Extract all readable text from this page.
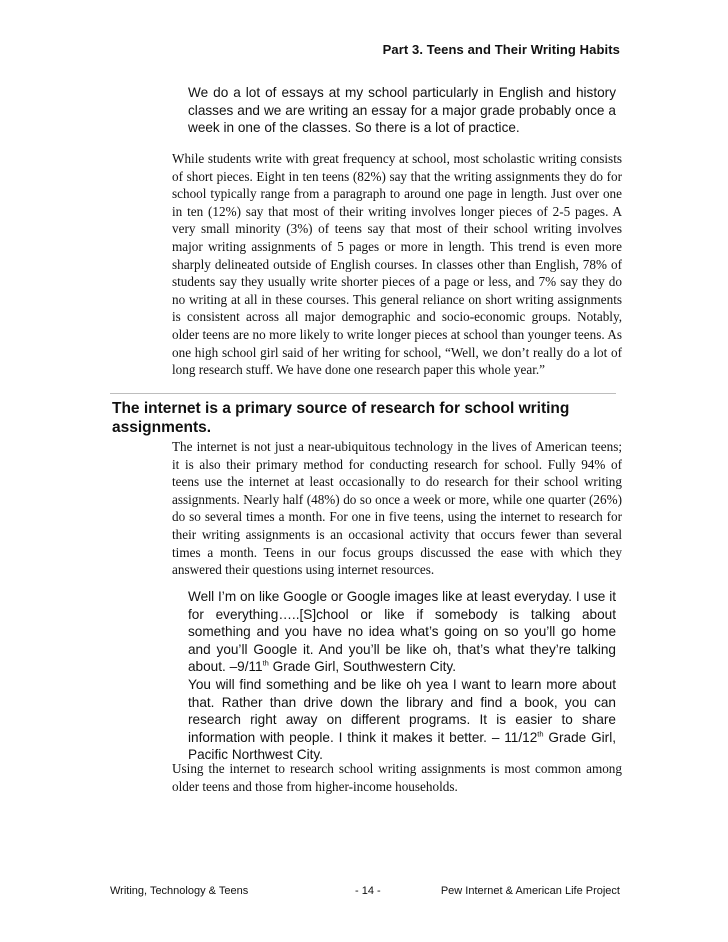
Part 3. Teens and Their Writing Habits

We do a lot of essays at my school particularly in English and history classes and we are writing an essay for a major grade probably once a week in one of the classes. So there is a lot of practice.

While students write with great frequency at school, most scholastic writing consists of short pieces. Eight in ten teens (82%) say that the writing assignments they do for school typically range from a paragraph to around one page in length. Just over one in ten (12%) say that most of their writing involves longer pieces of 2-5 pages. A very small minority (3%) of teens say that most of their school writing involves major writing assignments of 5 pages or more in length. This trend is even more sharply delineated outside of English courses. In classes other than English, 78% of students say they usually write shorter pieces of a page or less, and 7% say they do no writing at all in these courses. This general reliance on short writing assignments is consistent across all major demographic and socio-economic groups. Notably, older teens are no more likely to write longer pieces at school than younger teens. As one high school girl said of her writing for school, “Well, we don’t really do a lot of long research stuff. We have done one research paper this whole year.”

The internet is a primary source of research for school writing assignments.

The internet is not just a near-ubiquitous technology in the lives of American teens; it is also their primary method for conducting research for school. Fully 94% of teens use the internet at least occasionally to do research for their school writing assignments. Nearly half (48%) do so once a week or more, while one quarter (26%) do so several times a month. For one in five teens, using the internet to research for their writing assignments is an occasional activity that occurs fewer than several times a month. Teens in our focus groups discussed the ease with which they answered their questions using internet resources.

Well I’m on like Google or Google images like at least everyday. I use it for everything…..[S]chool or like if somebody is talking about something and you have no idea what’s going on so you’ll go home and you’ll Google it. And you’ll be like oh, that’s what they’re talking about. –9/11th Grade Girl, Southwestern City.

You will find something and be like oh yea I want to learn more about that. Rather than drive down the library and find a book, you can research right away on different programs. It is easier to share information with people. I think it makes it better. – 11/12th Grade Girl, Pacific Northwest City.

Using the internet to research school writing assignments is most common among older teens and those from higher-income households.

Writing, Technology & Teens	- 14 -	Pew Internet & American Life Project
